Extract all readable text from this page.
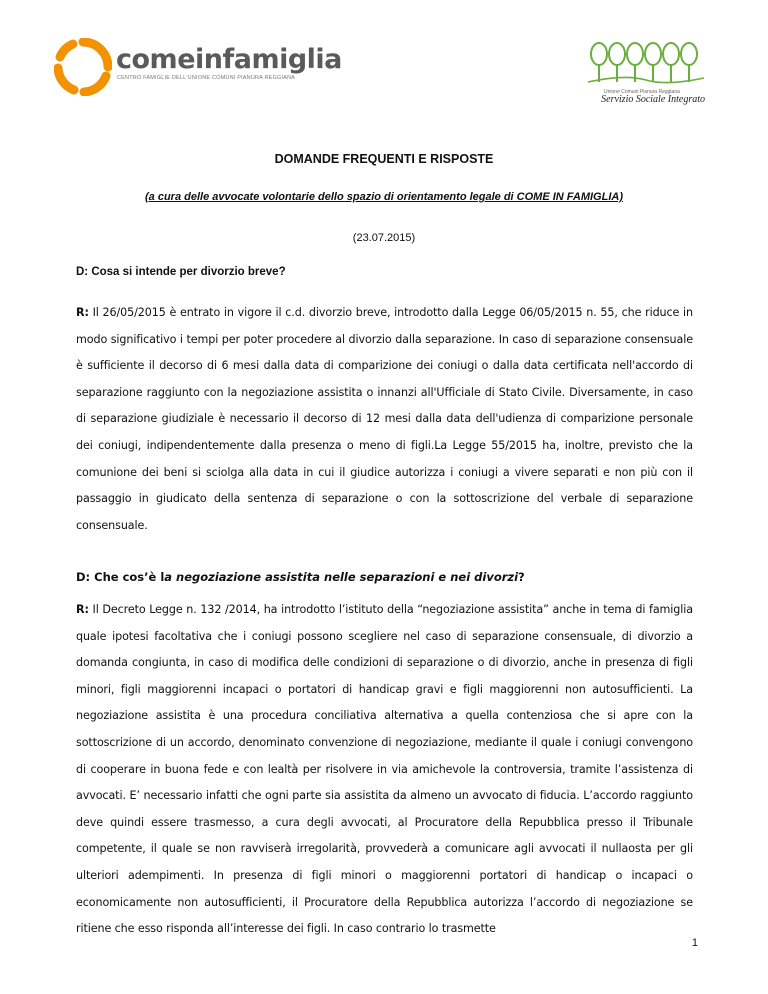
comeinfamiglia
CENTRO FAMIGLIE DELL'UNIONE COMUNI PIANURA REGGIANA
Unione Comuni Pianura Reggiana
Servizio Sociale Integrato
DOMANDE FREQUENTI E RISPOSTE
(a cura delle avvocate volontarie dello spazio di orientamento legale di COME IN FAMIGLIA)
(23.07.2015)
D: Cosa si intende per divorzio breve?
R: Il 26/05/2015 è entrato in vigore il c.d. divorzio breve, introdotto dalla Legge 06/05/2015 n. 55, che riduce in modo significativo i tempi per poter procedere al divorzio dalla separazione. In caso di separazione consensuale è sufficiente il decorso di 6 mesi dalla data di comparizione dei coniugi o dalla data certificata nell'accordo di separazione raggiunto con la negoziazione assistita o innanzi all'Ufficiale di Stato Civile. Diversamente, in caso di separazione giudiziale è necessario il decorso di 12 mesi dalla data dell'udienza di comparizione personale dei coniugi, indipendentemente dalla presenza o meno di figli.La Legge 55/2015 ha, inoltre, previsto che la comunione dei beni si sciolga alla data in cui il giudice autorizza i coniugi a vivere separati e non più con il passaggio in giudicato della sentenza di separazione o con la sottoscrizione del verbale di separazione consensuale.
D: Che cos’è la negoziazione assistita nelle separazioni e nei divorzi?
R: Il Decreto Legge n. 132 /2014, ha introdotto l’istituto della “negoziazione assistita” anche in tema di famiglia quale ipotesi facoltativa che i coniugi possono scegliere nel caso di separazione consensuale, di divorzio a domanda congiunta, in caso di modifica delle condizioni di separazione o di divorzio, anche in presenza di figli minori, figli maggiorenni incapaci o portatori di handicap gravi e figli maggiorenni non autosufficienti. La negoziazione assistita è una procedura conciliativa alternativa a quella contenziosa che si apre con la sottoscrizione di un accordo, denominato convenzione di negoziazione, mediante il quale i coniugi convengono di cooperare in buona fede e con lealtà per risolvere in via amichevole la controversia, tramite l’assistenza di avvocati. E’ necessario infatti che ogni parte sia assistita da almeno un avvocato di fiducia. L’accordo raggiunto deve quindi essere trasmesso, a cura degli avvocati, al Procuratore della Repubblica presso il Tribunale competente, il quale se non ravviserà irregolarità, provvederà a comunicare agli avvocati il nullaosta per gli ulteriori adempimenti. In presenza di figli minori o maggiorenni portatori di handicap o incapaci o economicamente non autosufficienti, il Procuratore della Repubblica autorizza l’accordo di negoziazione se ritiene che esso risponda all’interesse dei figli. In caso contrario lo trasmette
1
